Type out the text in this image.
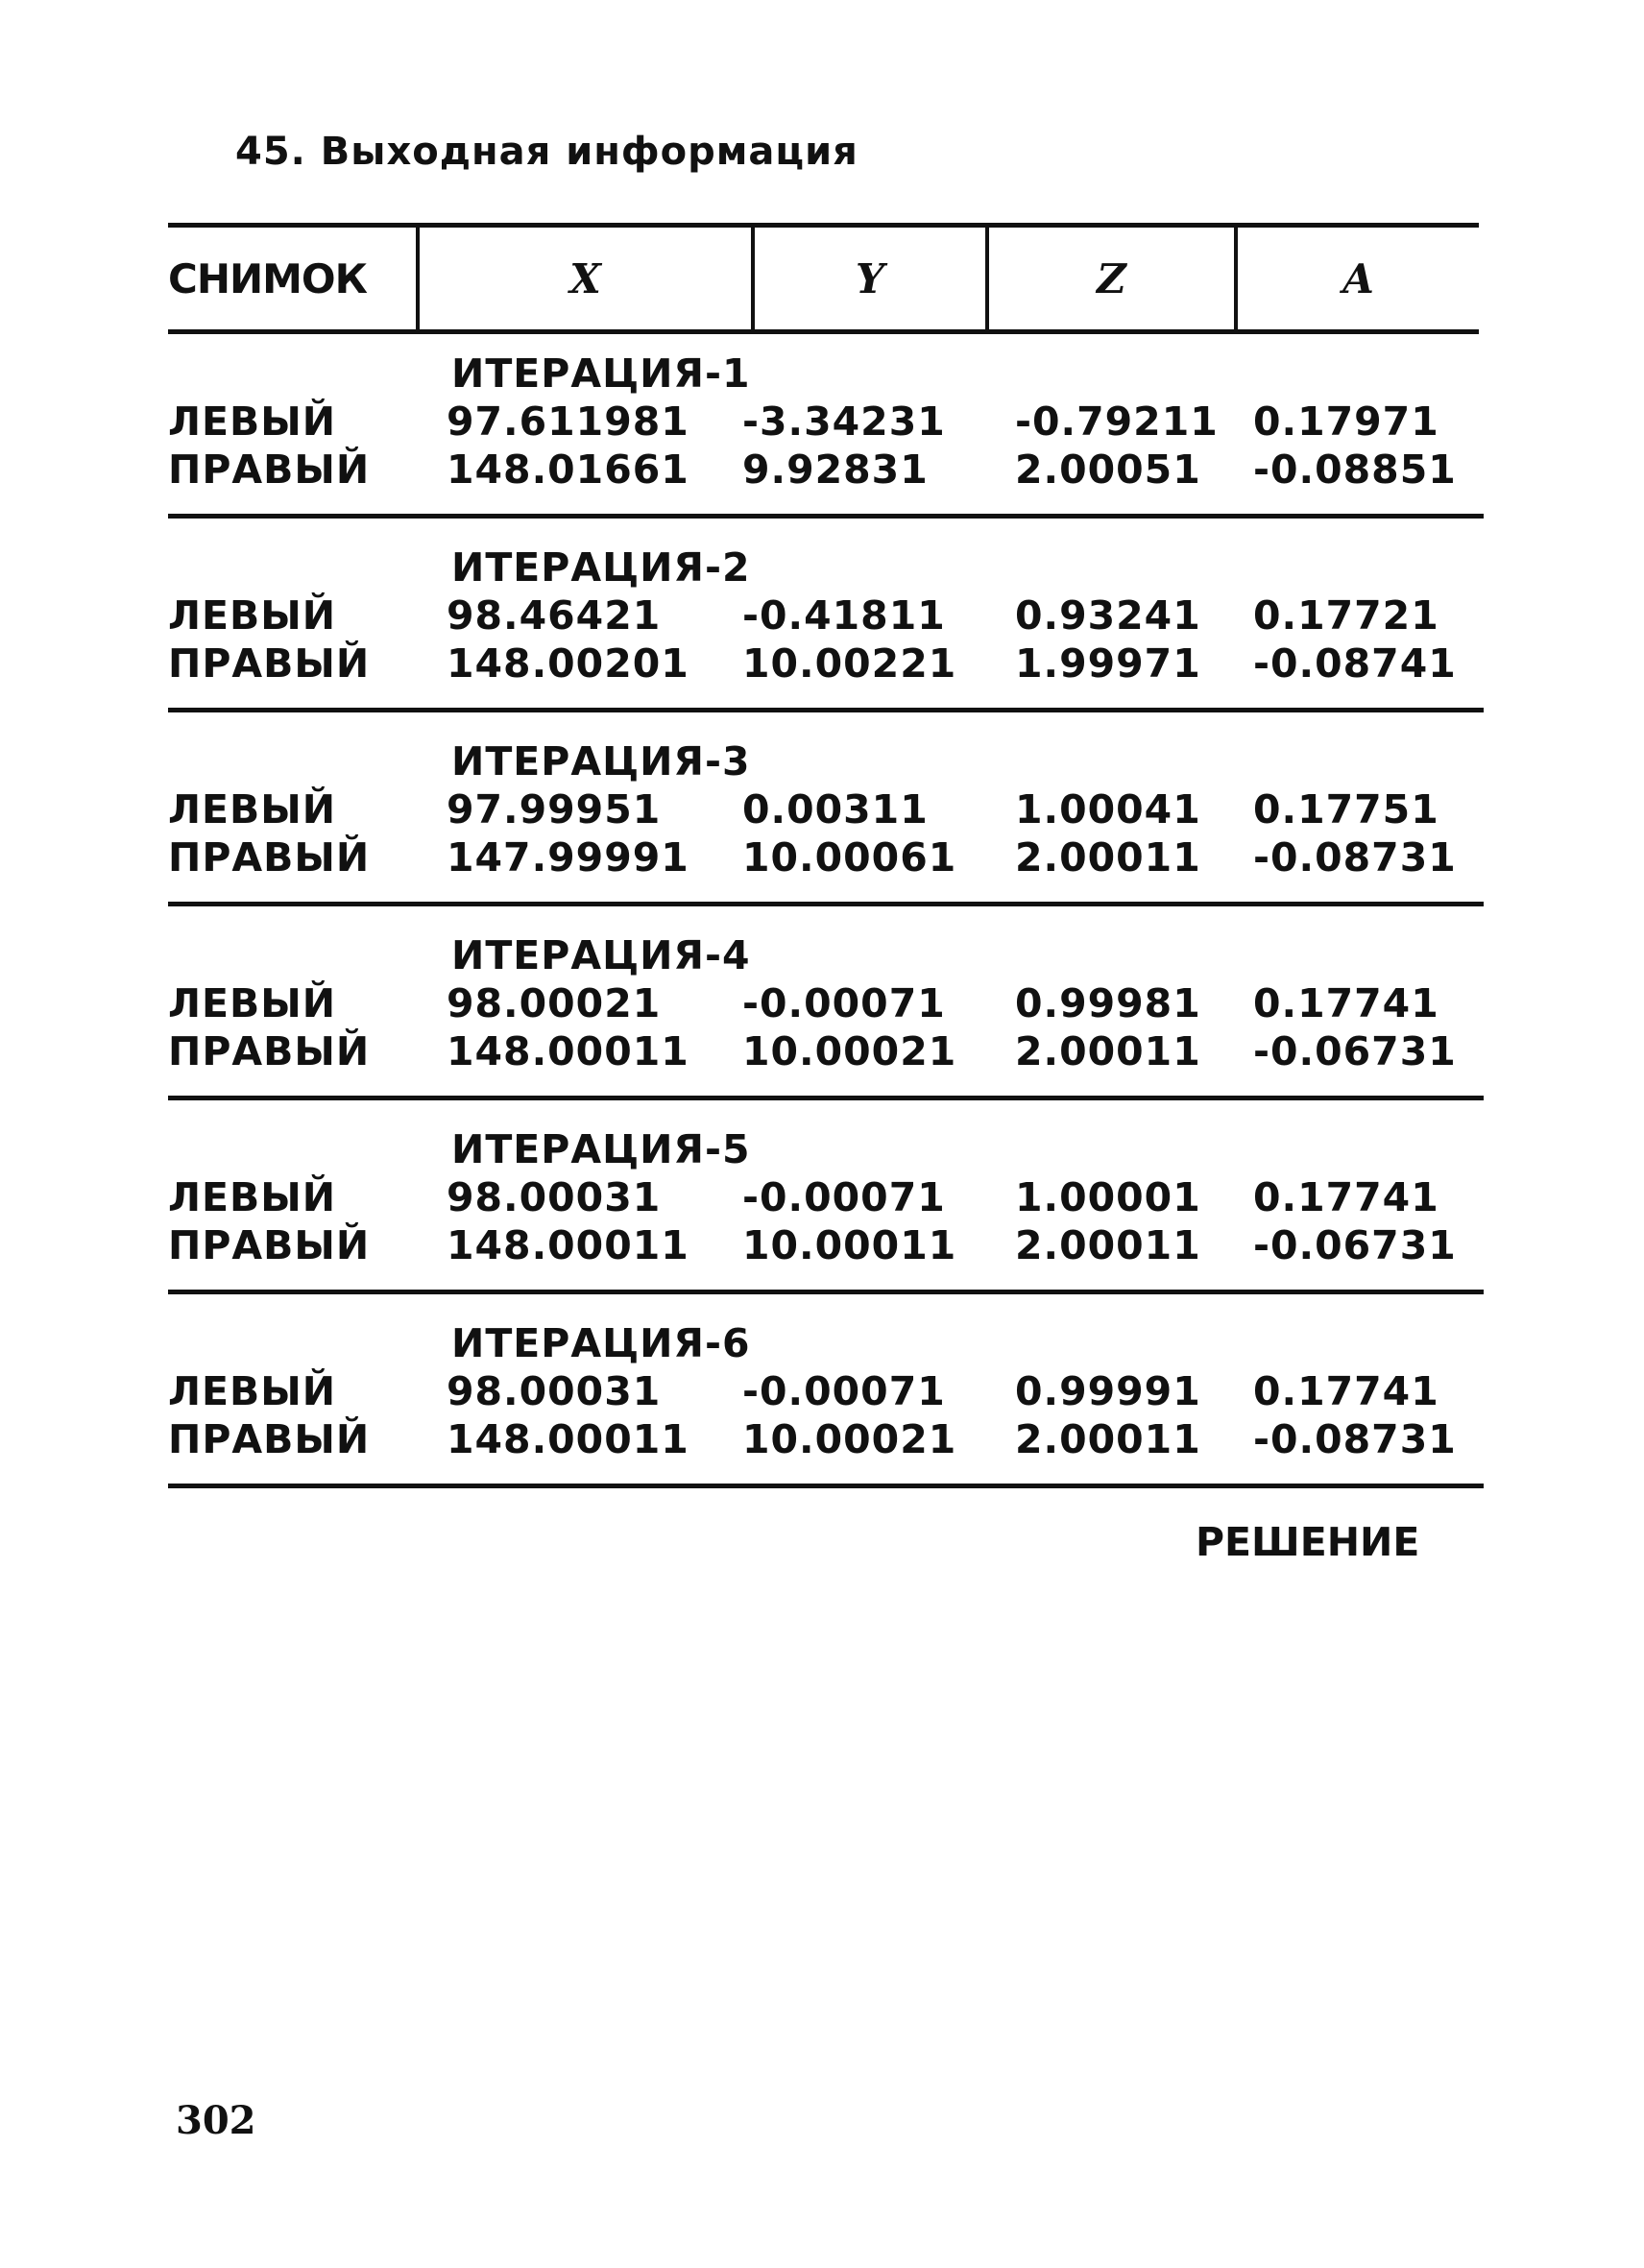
45. Выходная информация
СНИМОК	X	Y	Z	A
ИТЕРАЦИЯ-1
ЛЕВЫЙ	97.611981 -3.34231 -0.79211 0.17971
ПРАВЫЙ 148.01661 9.92831 2.00051 -0.08851
ИТЕРАЦИЯ-2
ЛЕВЫЙ	98.46421 -0.41811 0.93241 0.17721
ПРАВЫЙ 148.00201 10.00221 1.99971 -0.08741
ИТЕРАЦИЯ-3
ЛЕВЫЙ	97.99951 0.00311 1.00041 0.17751
ПРАВЫЙ 147.99991 10.00061 2.00011 -0.08731
ИТЕРАЦИЯ-4
ЛЕВЫЙ	98.00021 -0.00071 0.99981 0.17741
ПРАВЫЙ 148.00011 10.00021 2.00011 -0.06731
ИТЕРАЦИЯ-5
ЛЕВЫЙ	98.00031 -0.00071 1.00001 0.17741
ПРАВЫЙ 148.00011 10.00011 2.00011 -0.06731
ИТЕРАЦИЯ-6
ЛЕВЫЙ	98.00031 -0.00071 0.99991 0.17741
ПРАВЫЙ 148.00011 10.00021 2.00011 -0.08731
РЕШЕНИЕ
302
